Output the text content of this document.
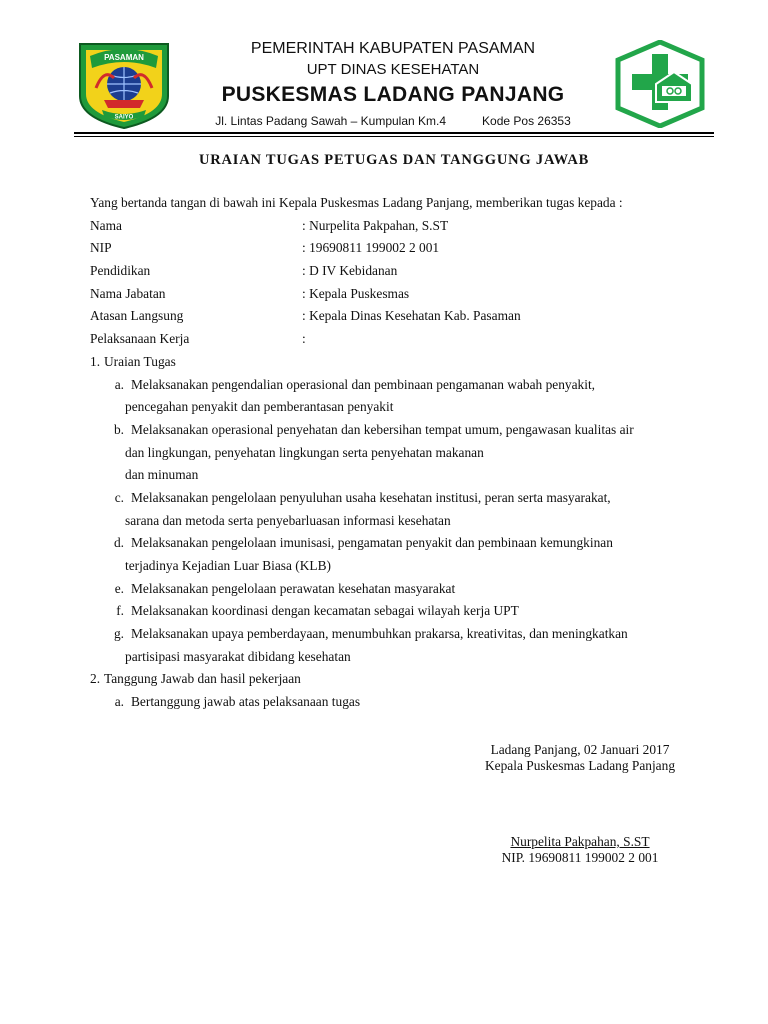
PASAMAN
SAIYO
PEMERINTAH KABUPATEN PASAMAN
UPT DINAS KESEHATAN
PUSKESMAS LADANG PANJANG
Jl. Lintas Padang Sawah – Kumpulan Km.4	Kode Pos 26353
URAIAN TUGAS PETUGAS DAN TANGGUNG JAWAB
Yang bertanda tangan di bawah ini Kepala Puskesmas Ladang Panjang, memberikan tugas kepada :
Nama	: Nurpelita Pakpahan, S.ST
NIP	: 19690811 199002 2 001
Pendidikan	: D IV Kebidanan
Nama Jabatan	: Kepala Puskesmas
Atasan Langsung	: Kepala Dinas Kesehatan Kab. Pasaman
Pelaksanaan Kerja	:
1. Uraian Tugas
a. Melaksanakan pengendalian operasional dan pembinaan pengamanan wabah penyakit,
pencegahan penyakit dan pemberantasan penyakit
b. Melaksanakan operasional penyehatan dan kebersihan tempat umum, pengawasan kualitas air
dan lingkungan, penyehatan lingkungan serta penyehatan makanan
dan minuman
c. Melaksanakan pengelolaan penyuluhan usaha kesehatan institusi, peran serta masyarakat,
sarana dan metoda serta penyebarluasan informasi kesehatan
d. Melaksanakan pengelolaan imunisasi, pengamatan penyakit dan pembinaan kemungkinan
terjadinya Kejadian Luar Biasa (KLB)
e. Melaksanakan pengelolaan perawatan kesehatan masyarakat
f. Melaksanakan koordinasi dengan kecamatan sebagai wilayah kerja UPT
g. Melaksanakan upaya pemberdayaan, menumbuhkan prakarsa, kreativitas, dan meningkatkan
partisipasi masyarakat dibidang kesehatan
2. Tanggung Jawab dan hasil pekerjaan
a. Bertanggung jawab atas pelaksanaan tugas
Ladang Panjang, 02 Januari 2017
Kepala Puskesmas Ladang Panjang
Nurpelita Pakpahan, S.ST
NIP. 19690811 199002 2 001
